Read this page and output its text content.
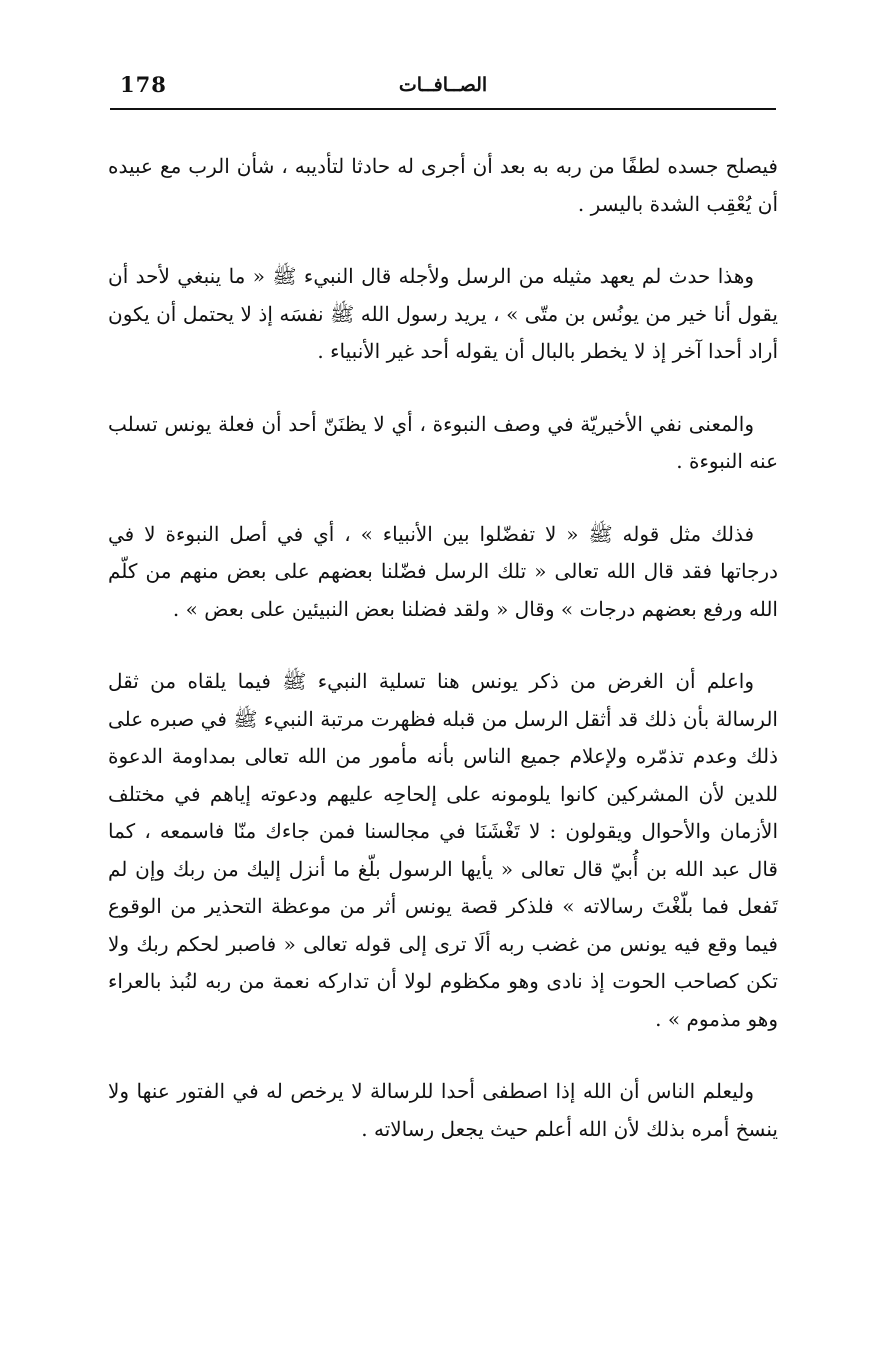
178	الصــافــات

فيصلح جسده لطفًا من ربه به بعد أن أجرى له حادثا لتأديبه ، شأن الرب مع عبيده أن يُعْقِب الشدة باليسر .

وهذا حدث لم يعهد مثيله من الرسل ولأجله قال النبيء ﷺ « ما ينبغي لأحد أن يقول أنا خير من يونُس بن متّى » ، يريد رسول الله ﷺ نفسَه إذ لا يحتمل أن يكون أراد أحدا آخر إذ لا يخطر بالبال أن يقوله أحد غير الأنبياء .

والمعنى نفي الأخيريّة في وصف النبوءة ، أي لا يظنَنّ أحد أن فعلة يونس تسلب عنه النبوءة .

فذلك مثل قوله ﷺ « لا تفضّلوا بين الأنبياء » ، أي في أصل النبوءة لا في درجاتها فقد قال الله تعالى « تلك الرسل فضّلنا بعضهم على بعض منهم من كلّم الله ورفع بعضهم درجات » وقال « ولقد فضلنا بعض النبيئين على بعض » .

واعلم أن الغرض من ذكر يونس هنا تسلية النبيء ﷺ فيما يلقاه من ثقل الرسالة بأن ذلك قد أثقل الرسل من قبله فظهرت مرتبة النبيء ﷺ في صبره على ذلك وعدم تذمّره ولإعلام جميع الناس بأنه مأمور من الله تعالى بمداومة الدعوة للدين لأن المشركين كانوا يلومونه على إلحاحِه عليهم ودعوته إياهم في مختلف الأزمان والأحوال ويقولون : لا تَغْشَنَا في مجالسنا فمن جاءك منّا فاسمعه ، كما قال عبد الله بن أُبيّ قال تعالى « يأيها الرسول بلّغ ما أنزل إليك من ربك وإن لم تَفعل فما بلّغْتَ رسالاته » فلذكر قصة يونس أثر من موعظة التحذير من الوقوع فيما وقع فيه يونس من غضب ربه ألَا ترى إلى قوله تعالى « فاصبر لحكم ربك ولا تكن كصاحب الحوت إذ نادى وهو مكظوم لولا أن تداركه نعمة من ربه لنُبذ بالعراء وهو مذموم » .

وليعلم الناس أن الله إذا اصطفى أحدا للرسالة لا يرخص له في الفتور عنها ولا ينسخ أمره بذلك لأن الله أعلم حيث يجعل رسالاته .
